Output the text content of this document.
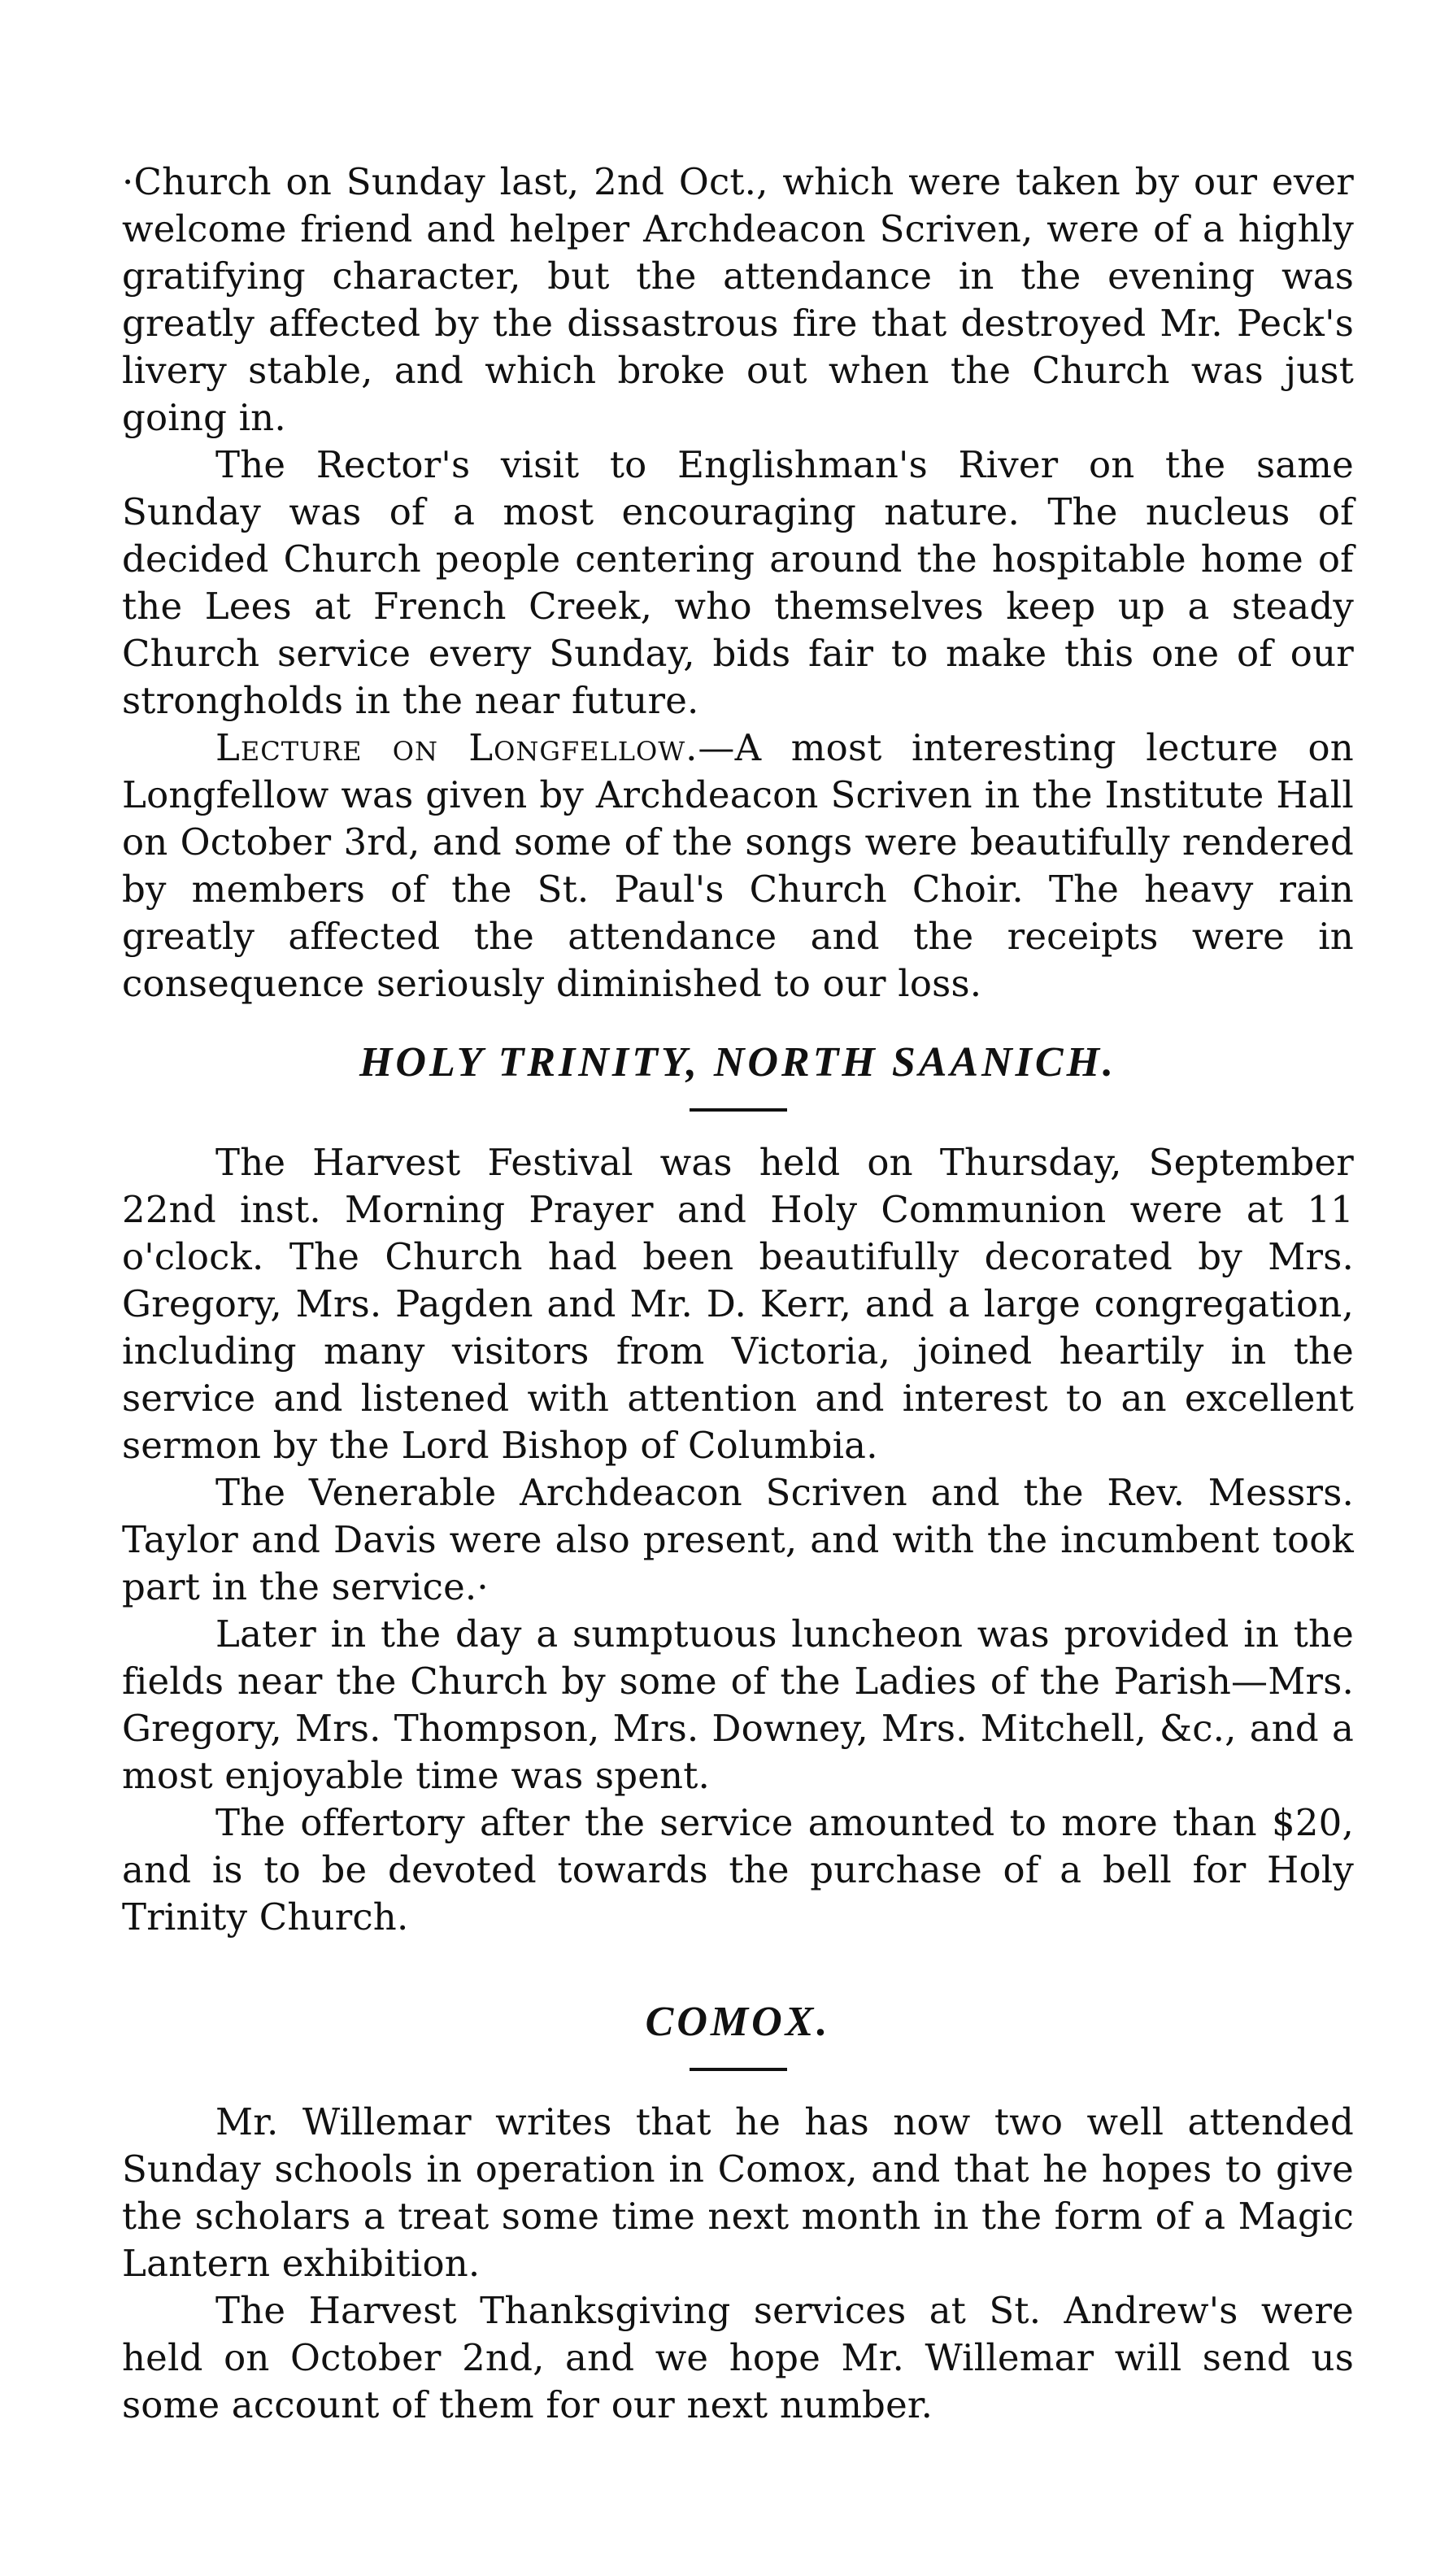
·Church on Sunday last, 2nd Oct., which were taken by our ever welcome friend and helper Archdeacon Scriven, were of a highly gratifying character, but the attendance in the evening was greatly affected by the dissastrous fire that destroyed Mr. Peck's livery stable, and which broke out when the Church was just going in.

The Rector's visit to Englishman's River on the same Sunday was of a most encouraging nature. The nucleus of decided Church people centering around the hospitable home of the Lees at French Creek, who themselves keep up a steady Church service every Sunday, bids fair to make this one of our strongholds in the near future.

Lecture on Longfellow.—A most interesting lecture on Longfellow was given by Archdeacon Scriven in the Institute Hall on October 3rd, and some of the songs were beautifully rendered by members of the St. Paul's Church Choir. The heavy rain greatly affected the attendance and the receipts were in consequence seriously diminished to our loss.

HOLY TRINITY, NORTH SAANICH.

The Harvest Festival was held on Thursday, September 22nd inst. Morning Prayer and Holy Communion were at 11 o'clock. The Church had been beautifully decorated by Mrs. Gregory, Mrs. Pagden and Mr. D. Kerr, and a large congregation, including many visitors from Victoria, joined heartily in the service and listened with attention and interest to an excellent sermon by the Lord Bishop of Columbia.

The Venerable Archdeacon Scriven and the Rev. Messrs. Taylor and Davis were also present, and with the incumbent took part in the service.·

Later in the day a sumptuous luncheon was provided in the fields near the Church by some of the Ladies of the Parish—Mrs. Gregory, Mrs. Thompson, Mrs. Downey, Mrs. Mitchell, &c., and a most enjoyable time was spent.

The offertory after the service amounted to more than $20, and is to be devoted towards the purchase of a bell for Holy Trinity Church.

COMOX.

Mr. Willemar writes that he has now two well attended Sunday schools in operation in Comox, and that he hopes to give the scholars a treat some time next month in the form of a Magic Lantern exhibition.

The Harvest Thanksgiving services at St. Andrew's were held on October 2nd, and we hope Mr. Willemar will send us some account of them for our next number.
